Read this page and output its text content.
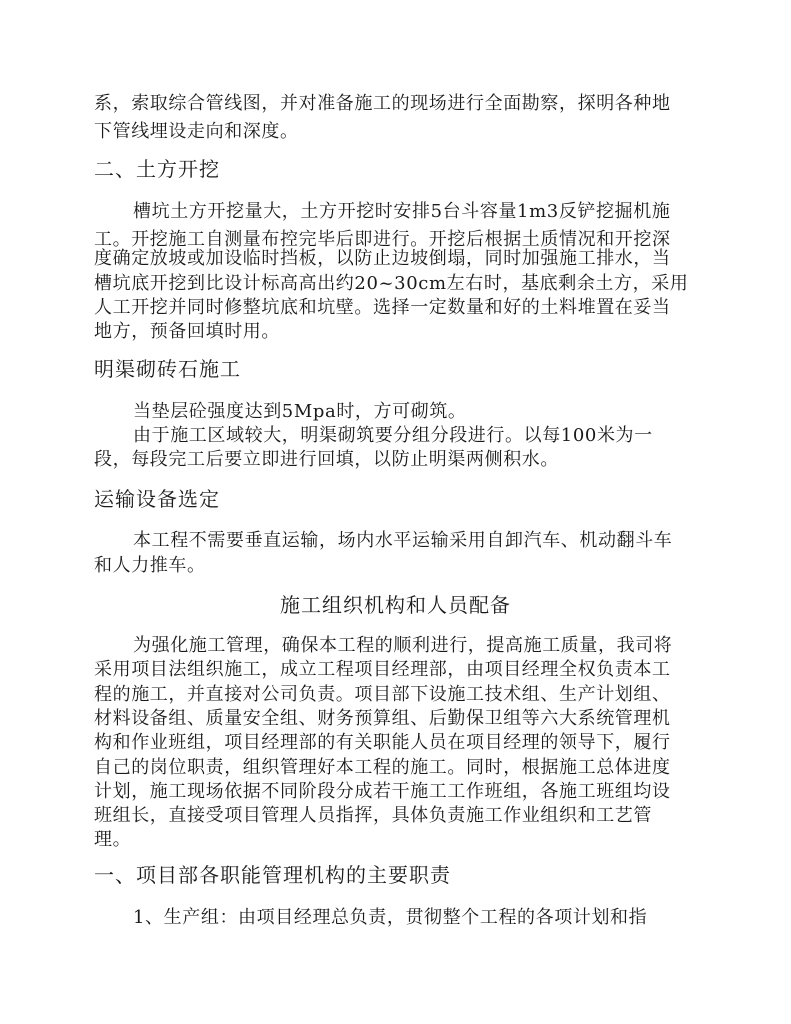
系，索取综合管线图，并对准备施工的现场进行全面勘察，探明各种地
下管线埋设走向和深度。
二、土方开挖
槽坑土方开挖量大，土方开挖时安排5台斗容量1m3反铲挖掘机施
工。开挖施工自测量布控完毕后即进行。开挖后根据土质情况和开挖深
度确定放坡或加设临时挡板，以防止边坡倒塌，同时加强施工排水，当
槽坑底开挖到比设计标高高出约20~30cm左右时，基底剩余土方，采用
人工开挖并同时修整坑底和坑壁。选择一定数量和好的土料堆置在妥当
地方，预备回填时用。
明渠砌砖石施工
当垫层砼强度达到5Mpa时，方可砌筑。
由于施工区域较大，明渠砌筑要分组分段进行。以每100米为一
段，每段完工后要立即进行回填，以防止明渠两侧积水。
运输设备选定
本工程不需要垂直运输，场内水平运输采用自卸汽车、机动翻斗车
和人力推车。
施工组织机构和人员配备
为强化施工管理，确保本工程的顺利进行，提高施工质量，我司将
采用项目法组织施工，成立工程项目经理部，由项目经理全权负责本工
程的施工，并直接对公司负责。项目部下设施工技术组、生产计划组、
材料设备组、质量安全组、财务预算组、后勤保卫组等六大系统管理机
构和作业班组，项目经理部的有关职能人员在项目经理的领导下，履行
自己的岗位职责，组织管理好本工程的施工。同时，根据施工总体进度
计划，施工现场依据不同阶段分成若干施工工作班组，各施工班组均设
班组长，直接受项目管理人员指挥，具体负责施工作业组织和工艺管
理。
一、项目部各职能管理机构的主要职责
1、生产组：由项目经理总负责，贯彻整个工程的各项计划和指
